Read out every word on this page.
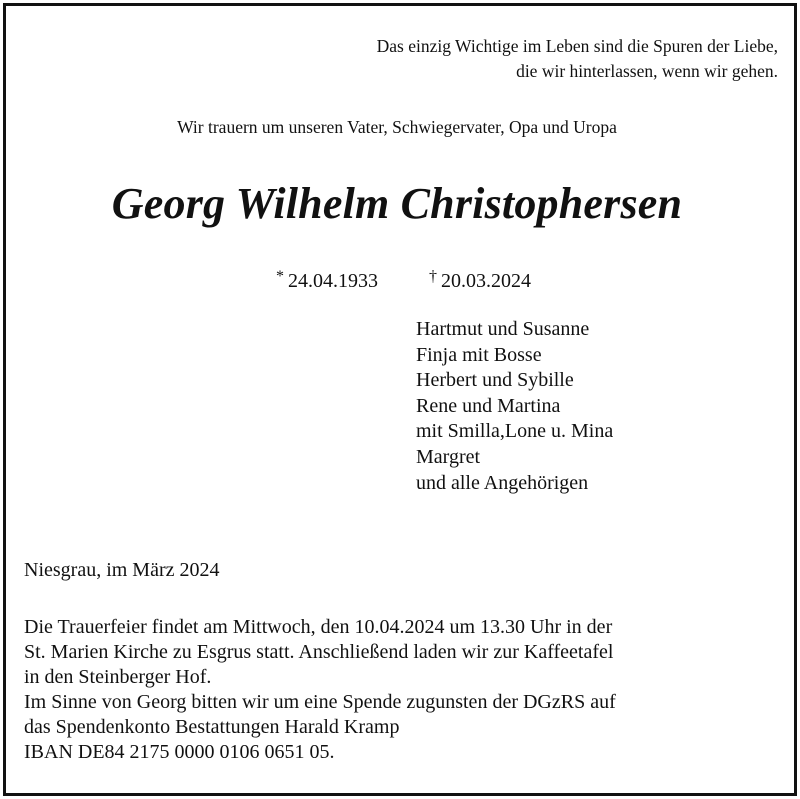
Das einzig Wichtige im Leben sind die Spuren der Liebe,
die wir hinterlassen, wenn wir gehen.
Wir trauern um unseren Vater, Schwiegervater, Opa und Uropa
Georg Wilhelm Christophersen
* 24.04.1933	† 20.03.2024
Hartmut und Susanne
Finja mit Bosse
Herbert und Sybille
Rene und Martina
mit Smilla,Lone u. Mina
Margret
und alle Angehörigen
Niesgrau, im März 2024
Die Trauerfeier findet am Mittwoch, den 10.04.2024 um 13.30 Uhr in der
St. Marien Kirche zu Esgrus statt. Anschließend laden wir zur Kaffeetafel
in den Steinberger Hof.
Im Sinne von Georg bitten wir um eine Spende zugunsten der DGzRS auf
das Spendenkonto Bestattungen Harald Kramp
IBAN DE84 2175 0000 0106 0651 05.
